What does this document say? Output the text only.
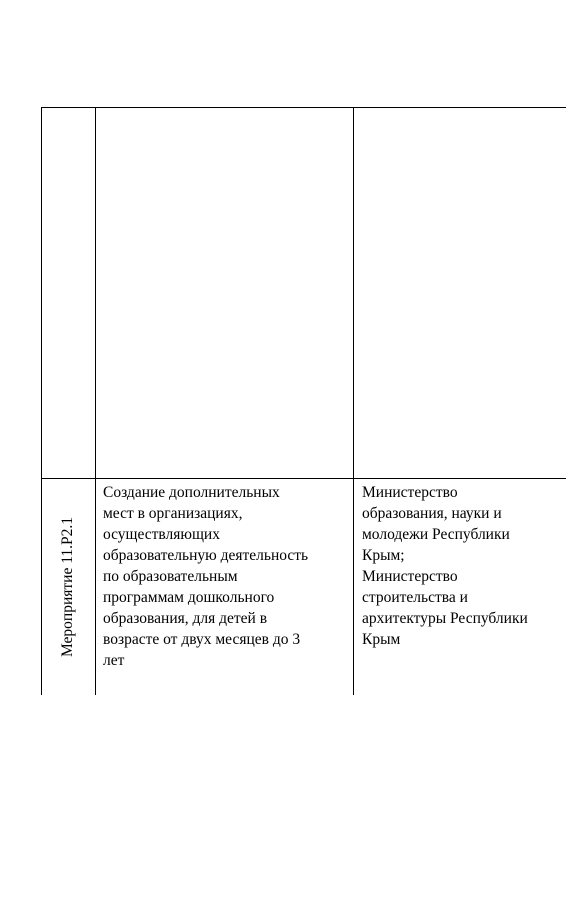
Мероприятие 11.Р2.1
Создание дополнительных
мест в организациях,
осуществляющих
образовательную деятельность
по образовательным
программам дошкольного
образования, для детей в
возрасте от двух месяцев до 3
лет
Министерство
образования, науки и
молодежи Республики
Крым;
Министерство
строительства и
архитектуры Республики
Крым
